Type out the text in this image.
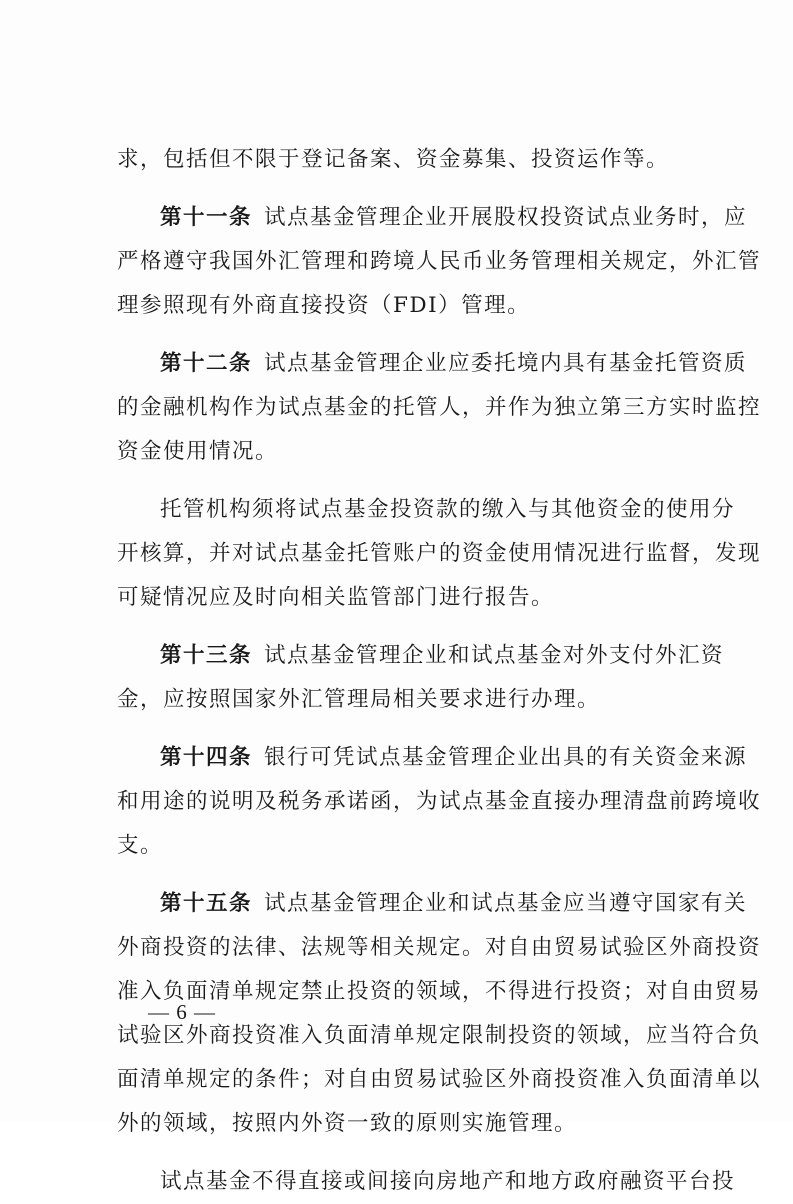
求，包括但不限于登记备案、资金募集、投资运作等。
第十一条 试点基金管理企业开展股权投资试点业务时，应
严格遵守我国外汇管理和跨境人民币业务管理相关规定，外汇管
理参照现有外商直接投资（FDI）管理。
第十二条 试点基金管理企业应委托境内具有基金托管资质
的金融机构作为试点基金的托管人，并作为独立第三方实时监控
资金使用情况。
托管机构须将试点基金投资款的缴入与其他资金的使用分
开核算，并对试点基金托管账户的资金使用情况进行监督，发现
可疑情况应及时向相关监管部门进行报告。
第十三条 试点基金管理企业和试点基金对外支付外汇资
金，应按照国家外汇管理局相关要求进行办理。
第十四条 银行可凭试点基金管理企业出具的有关资金来源
和用途的说明及税务承诺函，为试点基金直接办理清盘前跨境收
支。
第十五条 试点基金管理企业和试点基金应当遵守国家有关
外商投资的法律、法规等相关规定。对自由贸易试验区外商投资
准入负面清单规定禁止投资的领域，不得进行投资；对自由贸易
试验区外商投资准入负面清单规定限制投资的领域，应当符合负
面清单规定的条件；对自由贸易试验区外商投资准入负面清单以
外的领域，按照内外资一致的原则实施管理。
试点基金不得直接或间接向房地产和地方政府融资平台投
— 6 —
